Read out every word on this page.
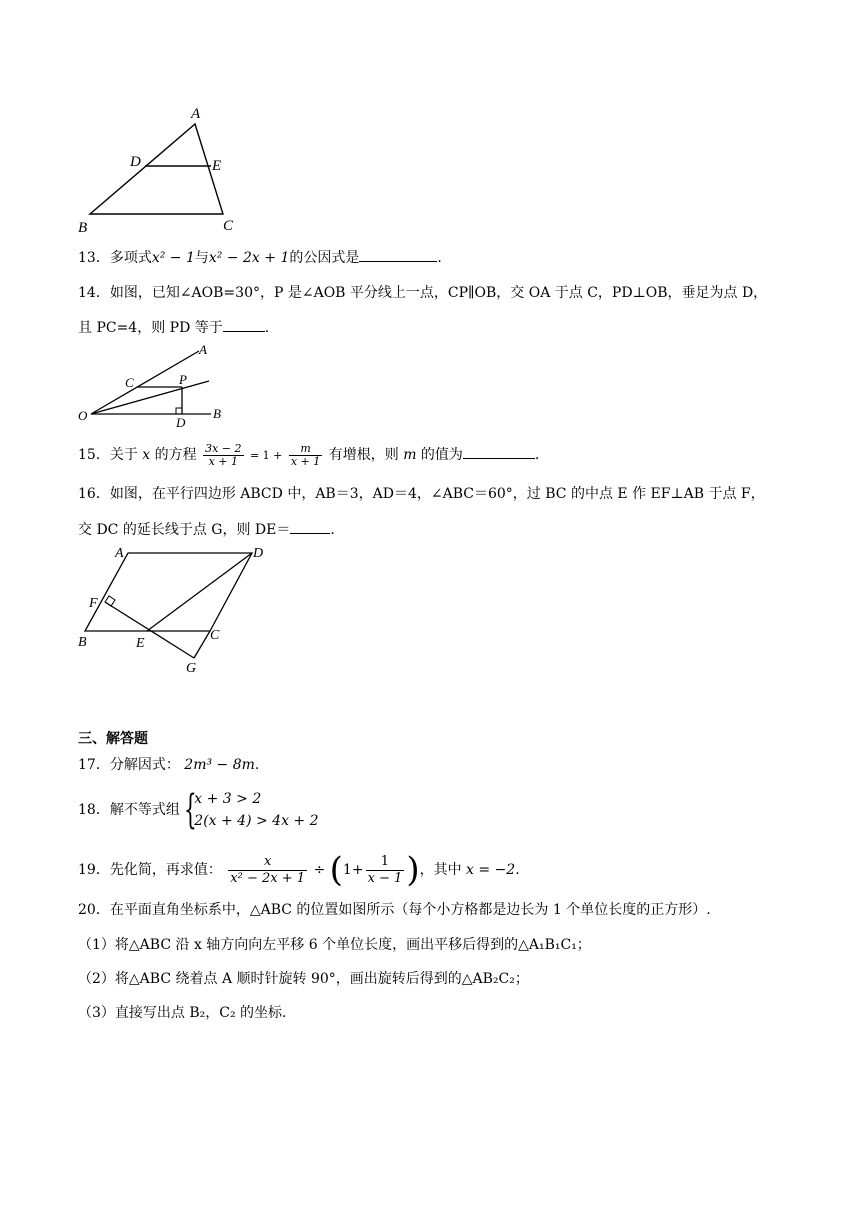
A
B	C
D	E
13．多项式x² − 1与x² − 2x + 1的公因式是	.
14．如图，已知∠AOB=30°，P 是∠AOB 平分线上一点，CP∥OB，交 OA 于点 C，PD⊥OB，垂足为点 D，
且 PC=4，则 PD 等于	.
A
B
C
D
O
P
15．关于 x 的方程 $\frac{3x - 2}{x + 1} = 1 + \frac{m}{x + 1}$ 有增根，则 m 的值为	.
16．如图，在平行四边形 ABCD 中，AB＝3，AD＝4，∠ABC＝60°，过 BC 的中点 E 作 EF⊥AB 于点 F，
交 DC 的延长线于点 G，则 DE＝	.
A
B	C
D
E
F
G
三、解答题
17．分解因式： 2m³ − 8m.
18．解不等式组 {
x + 3 > 2
2(x + 4) > 4x + 2
19．先化简，再求值： $\frac{x}{\text{x² − 2x + 1}} \div (1+ \frac{1}{x - 1}$ )，其中 x = −2.
20．在平面直角坐标系中，△ABC 的位置如图所示（每个小方格都是边长为 1 个单位长度的正方形）.
（1）将△ABC 沿 x 轴方向向左平移 6 个单位长度，画出平移后得到的△A₁B₁C₁；
（2）将△ABC 绕着点 A 顺时针旋转 90°，画出旋转后得到的△AB₂C₂；
（3）直接写出点 B₂，C₂ 的坐标.
